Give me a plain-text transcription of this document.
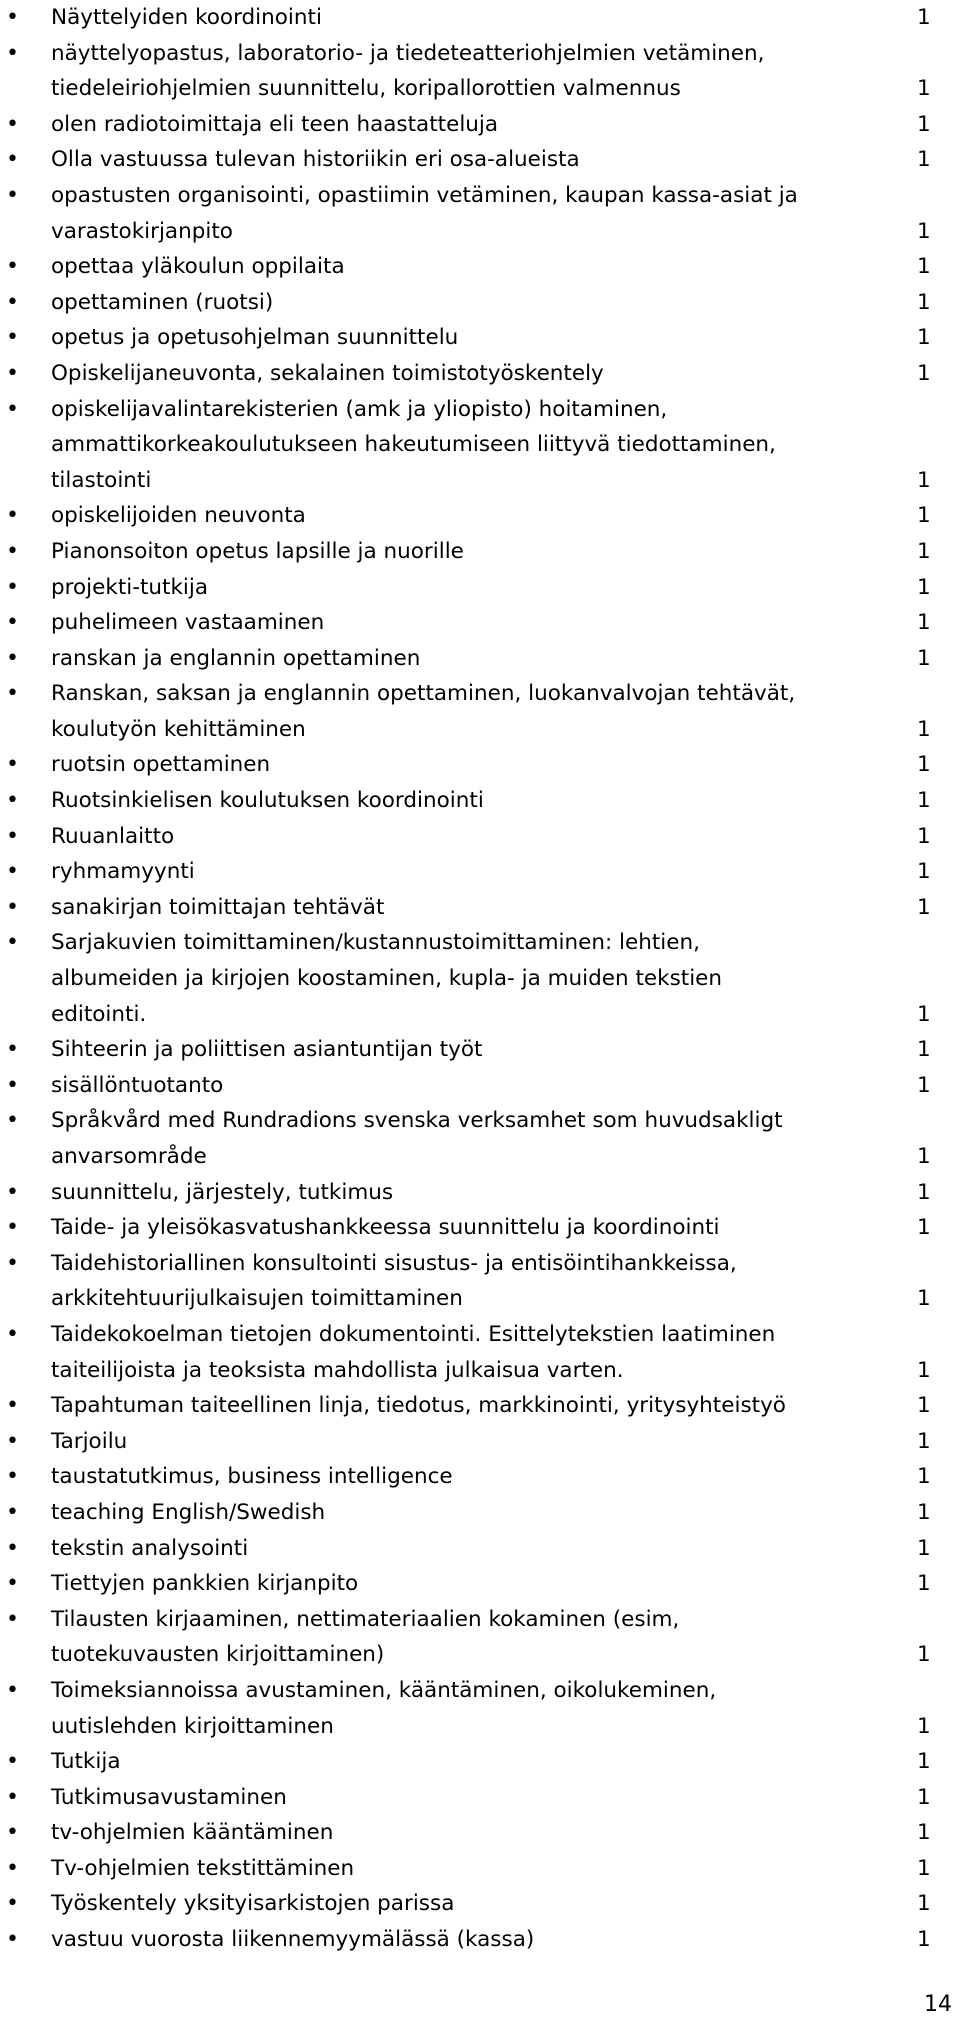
• Näyttelyiden koordinointi	1
• näyttelyopastus, laboratorio- ja tiedeteatteriohjelmien vetäminen, tiedeleiriohjelmien suunnittelu, koripallorottien valmennus	1
• olen radiotoimittaja eli teen haastatteluja	1
• Olla vastuussa tulevan historiikin eri osa-alueista	1
• opastusten organisointi, opastiimin vetäminen, kaupan kassa-asiat ja varastokirjanpito	1
• opettaa yläkoulun oppilaita	1
• opettaminen (ruotsi)	1
• opetus ja opetusohjelman suunnittelu	1
• Opiskelijaneuvonta, sekalainen toimistotyöskentely	1
• opiskelijavalintarekisterien (amk ja yliopisto) hoitaminen, ammattikorkeakoulutukseen hakeutumiseen liittyvä tiedottaminen, tilastointi	1
• opiskelijoiden neuvonta	1
• Pianonsoiton opetus lapsille ja nuorille	1
• projekti-tutkija	1
• puhelimeen vastaaminen	1
• ranskan ja englannin opettaminen	1
• Ranskan, saksan ja englannin opettaminen, luokanvalvojan tehtävät, koulutyön kehittäminen	1
• ruotsin opettaminen	1
• Ruotsinkielisen koulutuksen koordinointi	1
• Ruuanlaitto	1
• ryhmamyynti	1
• sanakirjan toimittajan tehtävät	1
• Sarjakuvien toimittaminen/kustannustoimittaminen: lehtien, albumeiden ja kirjojen koostaminen, kupla- ja muiden tekstien editointi.	1
• Sihteerin ja poliittisen asiantuntijan työt	1
• sisällöntuotanto	1
• Språkvård med Rundradions svenska verksamhet som huvudsakligt anvarsområde	1
• suunnittelu, järjestely, tutkimus	1
• Taide- ja yleisökasvatushankkeessa suunnittelu ja koordinointi	1
• Taidehistoriallinen konsultointi sisustus- ja entisöintihankkeissa, arkkitehtuurijulkaisujen toimittaminen	1
• Taidekokoelman tietojen dokumentointi. Esittelytekstien laatiminen taiteilijoista ja teoksista mahdollista julkaisua varten.	1
• Tapahtuman taiteellinen linja, tiedotus, markkinointi, yritysyhteistyö	1
• Tarjoilu	1
• taustatutkimus, business intelligence	1
• teaching English/Swedish	1
• tekstin analysointi	1
• Tiettyjen pankkien kirjanpito	1
• Tilausten kirjaaminen, nettimateriaalien kokaminen (esim, tuotekuvausten kirjoittaminen)	1
• Toimeksiannoissa avustaminen, kääntäminen, oikolukeminen, uutislehden kirjoittaminen	1
• Tutkija	1
• Tutkimusavustaminen	1
• tv-ohjelmien kääntäminen	1
• Tv-ohjelmien tekstittäminen	1
• Työskentely yksityisarkistojen parissa	1
• vastuu vuorosta liikennemyymälässä (kassa)	1
14
